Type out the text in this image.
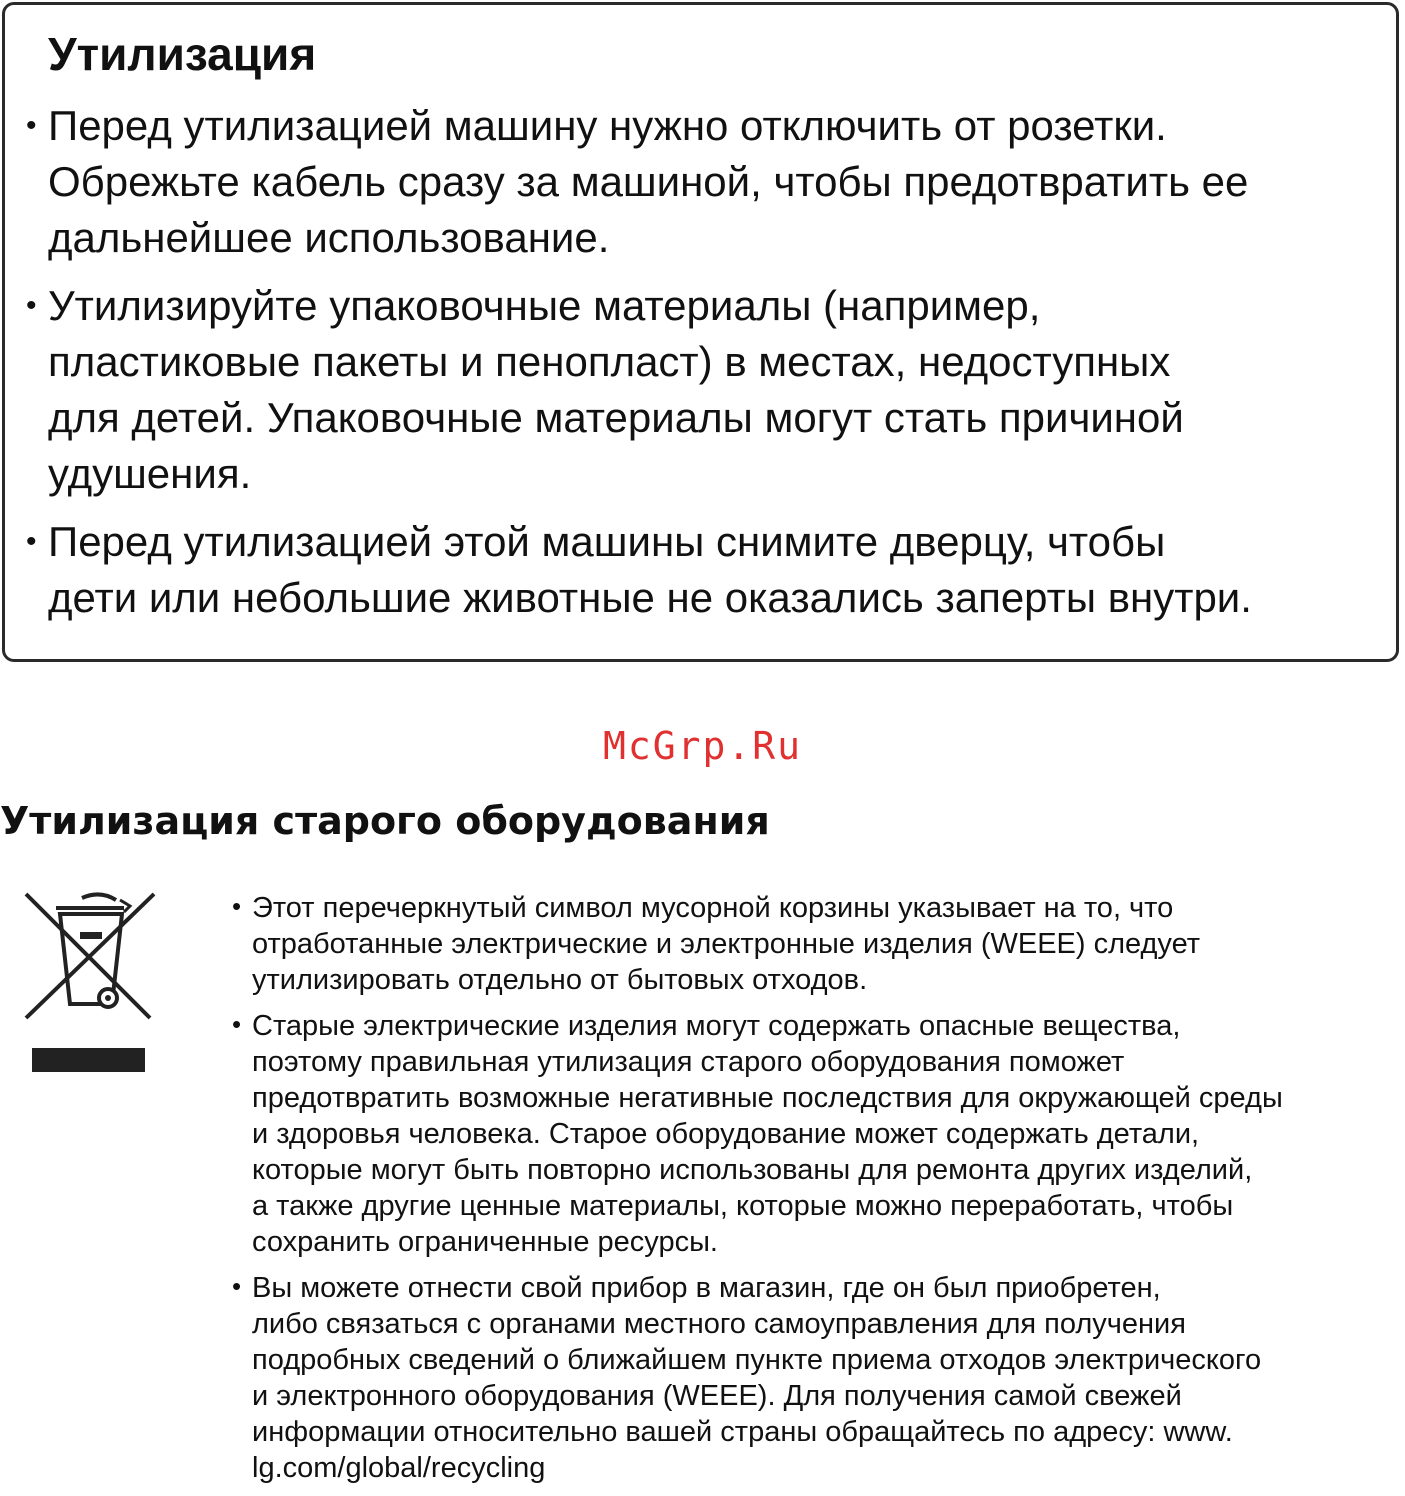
Утилизация
• Перед утилизацией машину нужно отключить от розетки.
Обрежьте кабель сразу за машиной, чтобы предотвратить ее
дальнейшее использование.
• Утилизируйте упаковочные материалы (например,
пластиковые пакеты и пенопласт) в местах, недоступных
для детей. Упаковочные материалы могут стать причиной
удушения.
• Перед утилизацией этой машины снимите дверцу, чтобы
дети или небольшие животные не оказались заперты внутри.
McGrp.Ru
Утилизация старого оборудования
• Этот перечеркнутый символ мусорной корзины указывает на то, что
отработанные электрические и электронные изделия (WEEE) следует
утилизировать отдельно от бытовых отходов.
• Старые электрические изделия могут содержать опасные вещества,
поэтому правильная утилизация старого оборудования поможет
предотвратить возможные негативные последствия для окружающей среды
и здоровья человека. Старое оборудование может содержать детали,
которые могут быть повторно использованы для ремонта других изделий,
а также другие ценные материалы, которые можно переработать, чтобы
сохранить ограниченные ресурсы.
• Вы можете отнести свой прибор в магазин, где он был приобретен,
либо связаться с органами местного самоуправления для получения
подробных сведений о ближайшем пункте приема отходов электрического
и электронного оборудования (WEEE). Для получения самой свежей
информации относительно вашей страны обращайтесь по адресу: www.
lg.com/global/recycling
